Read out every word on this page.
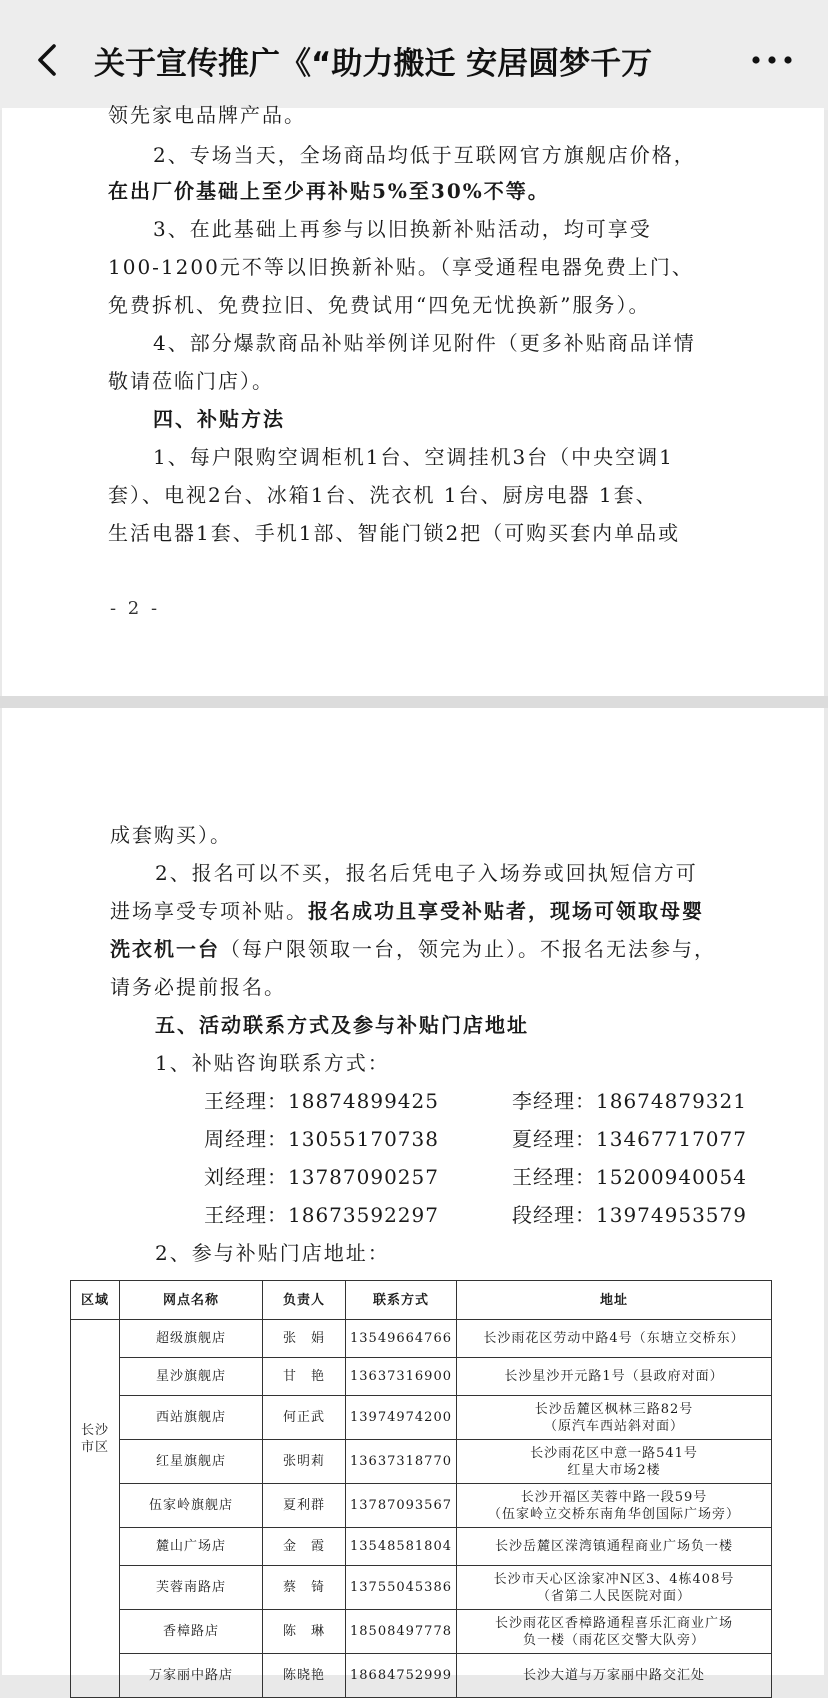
关于宣传推广《“助力搬迁 安居圆梦千万
领先家电品牌产品。
2、专场当天，全场商品均低于互联网官方旗舰店价格，
在出厂价基础上至少再补贴5%至30%不等。
3、在此基础上再参与以旧换新补贴活动，均可享受
100-1200元不等以旧换新补贴。（享受通程电器免费上门、
免费拆机、免费拉旧、免费试用“四免无忧换新”服务）。
4、部分爆款商品补贴举例详见附件（更多补贴商品详情
敬请莅临门店）。
四、补贴方法
1、每户限购空调柜机1台、空调挂机3台（中央空调1
套）、电视2台、冰箱1台、洗衣机 1台、厨房电器 1套、
生活电器1套、手机1部、智能门锁2把（可购买套内单品或
- 2 -
成套购买）。
2、报名可以不买，报名后凭电子入场券或回执短信方可
进场享受专项补贴。报名成功且享受补贴者，现场可领取母婴
洗衣机一台（每户限领取一台，领完为止）。不报名无法参与，
请务必提前报名。
五、活动联系方式及参与补贴门店地址
1、补贴咨询联系方式：
王经理：18874899425	李经理：18674879321
周经理：13055170738	夏经理：13467717077
刘经理：13787090257	王经理：15200940054
王经理：18673592297	段经理：13974953579
2、参与补贴门店地址：
区域	网点名称	负责人	联系方式	地址
长沙市区	超级旗舰店	张　娟	13549664766	长沙雨花区劳动中路4号（东塘立交桥东）

	星沙旗舰店	甘　艳	13637316900	长沙星沙开元路1号（县政府对面）

	西站旗舰店	何正武	13974974200	长沙岳麓区枫林三路82号
（原汽车西站斜对面）
	红星旗舰店	张明莉	13637318770	长沙雨花区中意一路541号
红星大市场2楼
	伍家岭旗舰店	夏利群	13787093567	长沙开福区芙蓉中路一段59号
（伍家岭立交桥东南角华创国际广场旁）
	麓山广场店	金　霞	13548581804	长沙岳麓区溁湾镇通程商业广场负一楼

	芙蓉南路店	蔡　锜	13755045386	长沙市天心区涂家冲N区3、4栋408号
（省第二人民医院对面）
	香樟路店	陈　琳	18508497778	长沙雨花区香樟路通程喜乐汇商业广场
负一楼（雨花区交警大队旁）
	万家丽中路店	陈晓艳	18684752999	长沙大道与万家丽中路交汇处
